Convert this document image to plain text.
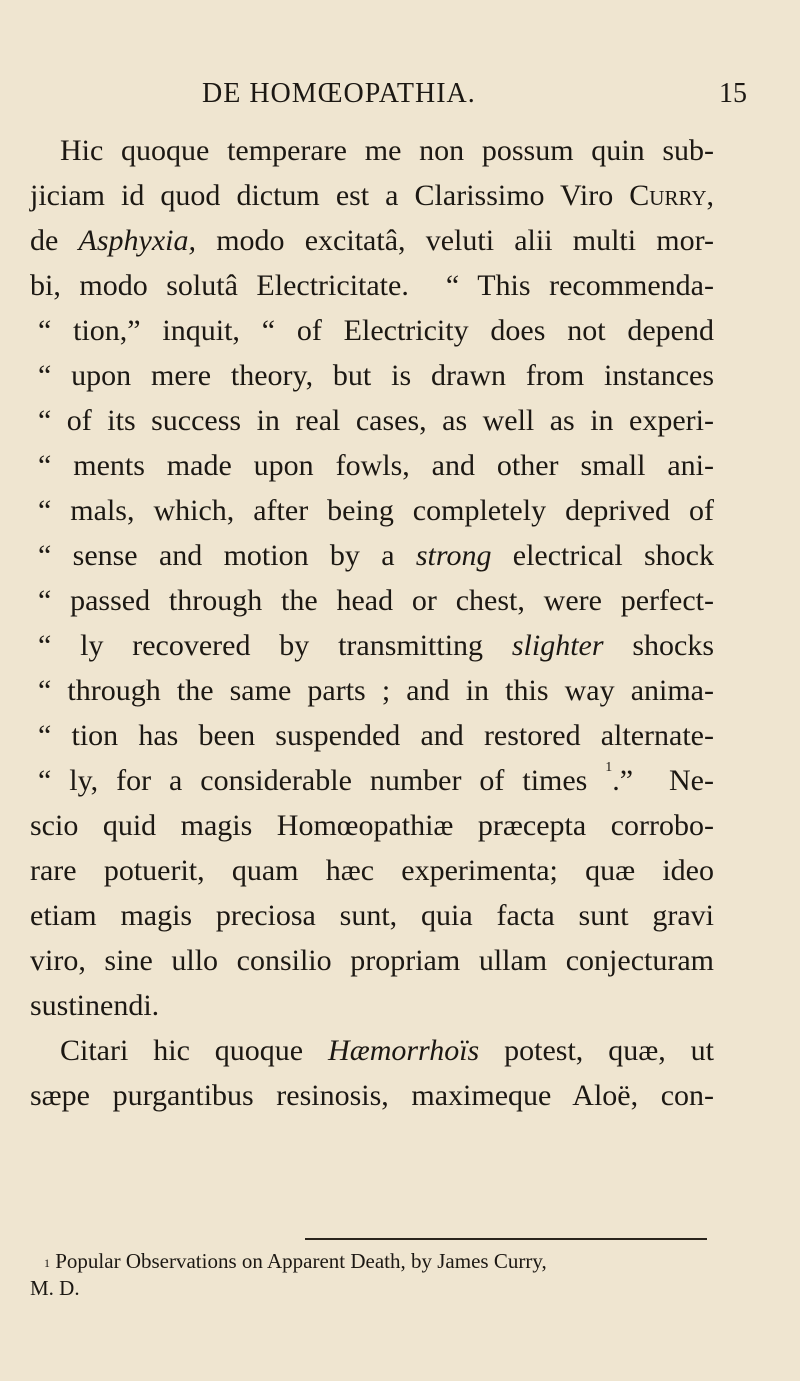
DE HOMŒOPATHIA.	15
Hic quoque temperare me non possum quin sub-
jiciam id quod dictum est a Clarissimo Viro Curry,
de Asphyxia, modo excitatâ, veluti alii multi mor-
bi, modo solutâ Electricitate.  “ This recommenda-
“ tion,” inquit, “ of Electricity does not depend
“ upon mere theory, but is drawn from instances
“ of its success in real cases, as well as in experi-
“ ments made upon fowls, and other small ani-
“ mals, which, after being completely deprived of
“ sense and motion by a strong electrical shock
“ passed through the head or chest, were perfect-
“ ly recovered by transmitting slighter shocks
“ through the same parts ; and in this way anima-
“ tion has been suspended and restored alternate-
“ ly, for a considerable number of times $^1$.”  Ne-
scio quid magis Homœopathiæ præcepta corrobo-
rare potuerit, quam hæc experimenta; quæ ideo
etiam magis preciosa sunt, quia facta sunt gravi
viro, sine ullo consilio propriam ullam conjecturam
sustinendi.
Citari hic quoque Hæmorrhoïs potest, quæ, ut
sæpe purgantibus resinosis, maximeque Aloë, con-
$^1$ Popular Observations on Apparent Death, by James Curry,
M. D.
